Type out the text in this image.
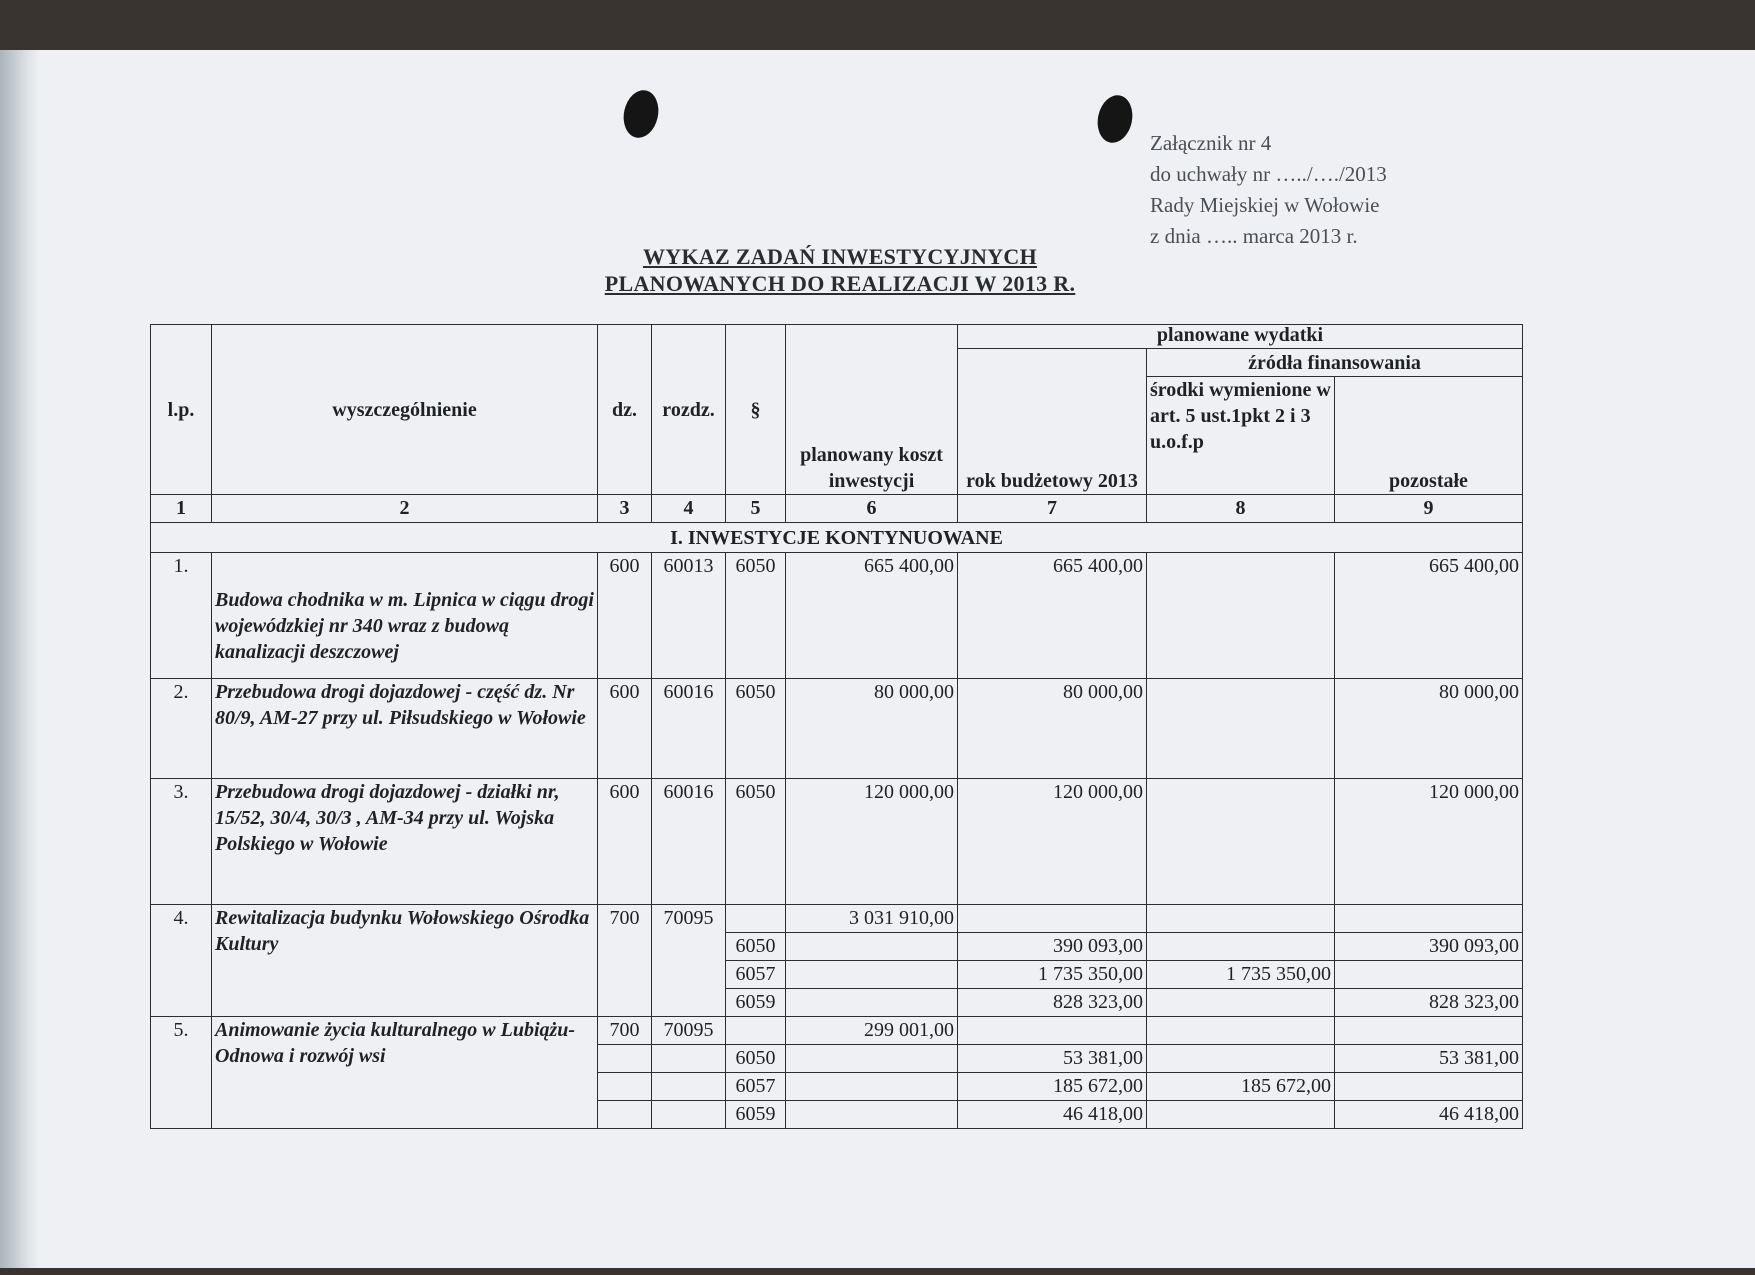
Załącznik nr 4
do uchwały nr …../…./2013
Rady Miejskiej w Wołowie
z dnia ….. marca 2013 r.
WYKAZ ZADAŃ INWESTYCYJNYCH
PLANOWANYCH DO REALIZACJI W 2013 R.
l.p.	wyszczególnienie	dz.	rozdz.	§	planowany koszt inwestycji	planowane wydatki		
						rok budżetowy 2013	źródła finansowania	
							środki wymienione w art. 5 ust.1pkt 2 i 3 u.o.f.p	pozostałe

1	2	3	4	5	6	7	8	9
I. INWESTYCJE KONTYNUOWANE								
1.	Budowa chodnika w m. Lipnica w ciągu drogi wojewódzkiej nr 340 wraz z budową kanalizacji deszczowej	600	60013	6050	665 400,00	665 400,00		665 400,00
2.	Przebudowa drogi dojazdowej - część dz. Nr 80/9, AM-27 przy ul. Piłsudskiego w Wołowie	600	60016	6050	80 000,00	80 000,00		80 000,00
3.	Przebudowa drogi dojazdowej - działki nr, 15/52, 30/4, 30/3 , AM-34 przy ul. Wojska Polskiego w Wołowie	600	60016	6050	120 000,00	120 000,00		120 000,00
4.	Rewitalizacja budynku Wołowskiego Ośrodka Kultury	700	70095		3 031 910,00			
				6050		390 093,00		390 093,00
				6057		1 735 350,00	1 735 350,00	
				6059		828 323,00		828 323,00
5.	Animowanie życia kulturalnego w Lubiążu- Odnowa i rozwój wsi	700	70095		299 001,00			
				6050		53 381,00		53 381,00
				6057		185 672,00	185 672,00	
				6059		46 418,00		46 418,00
